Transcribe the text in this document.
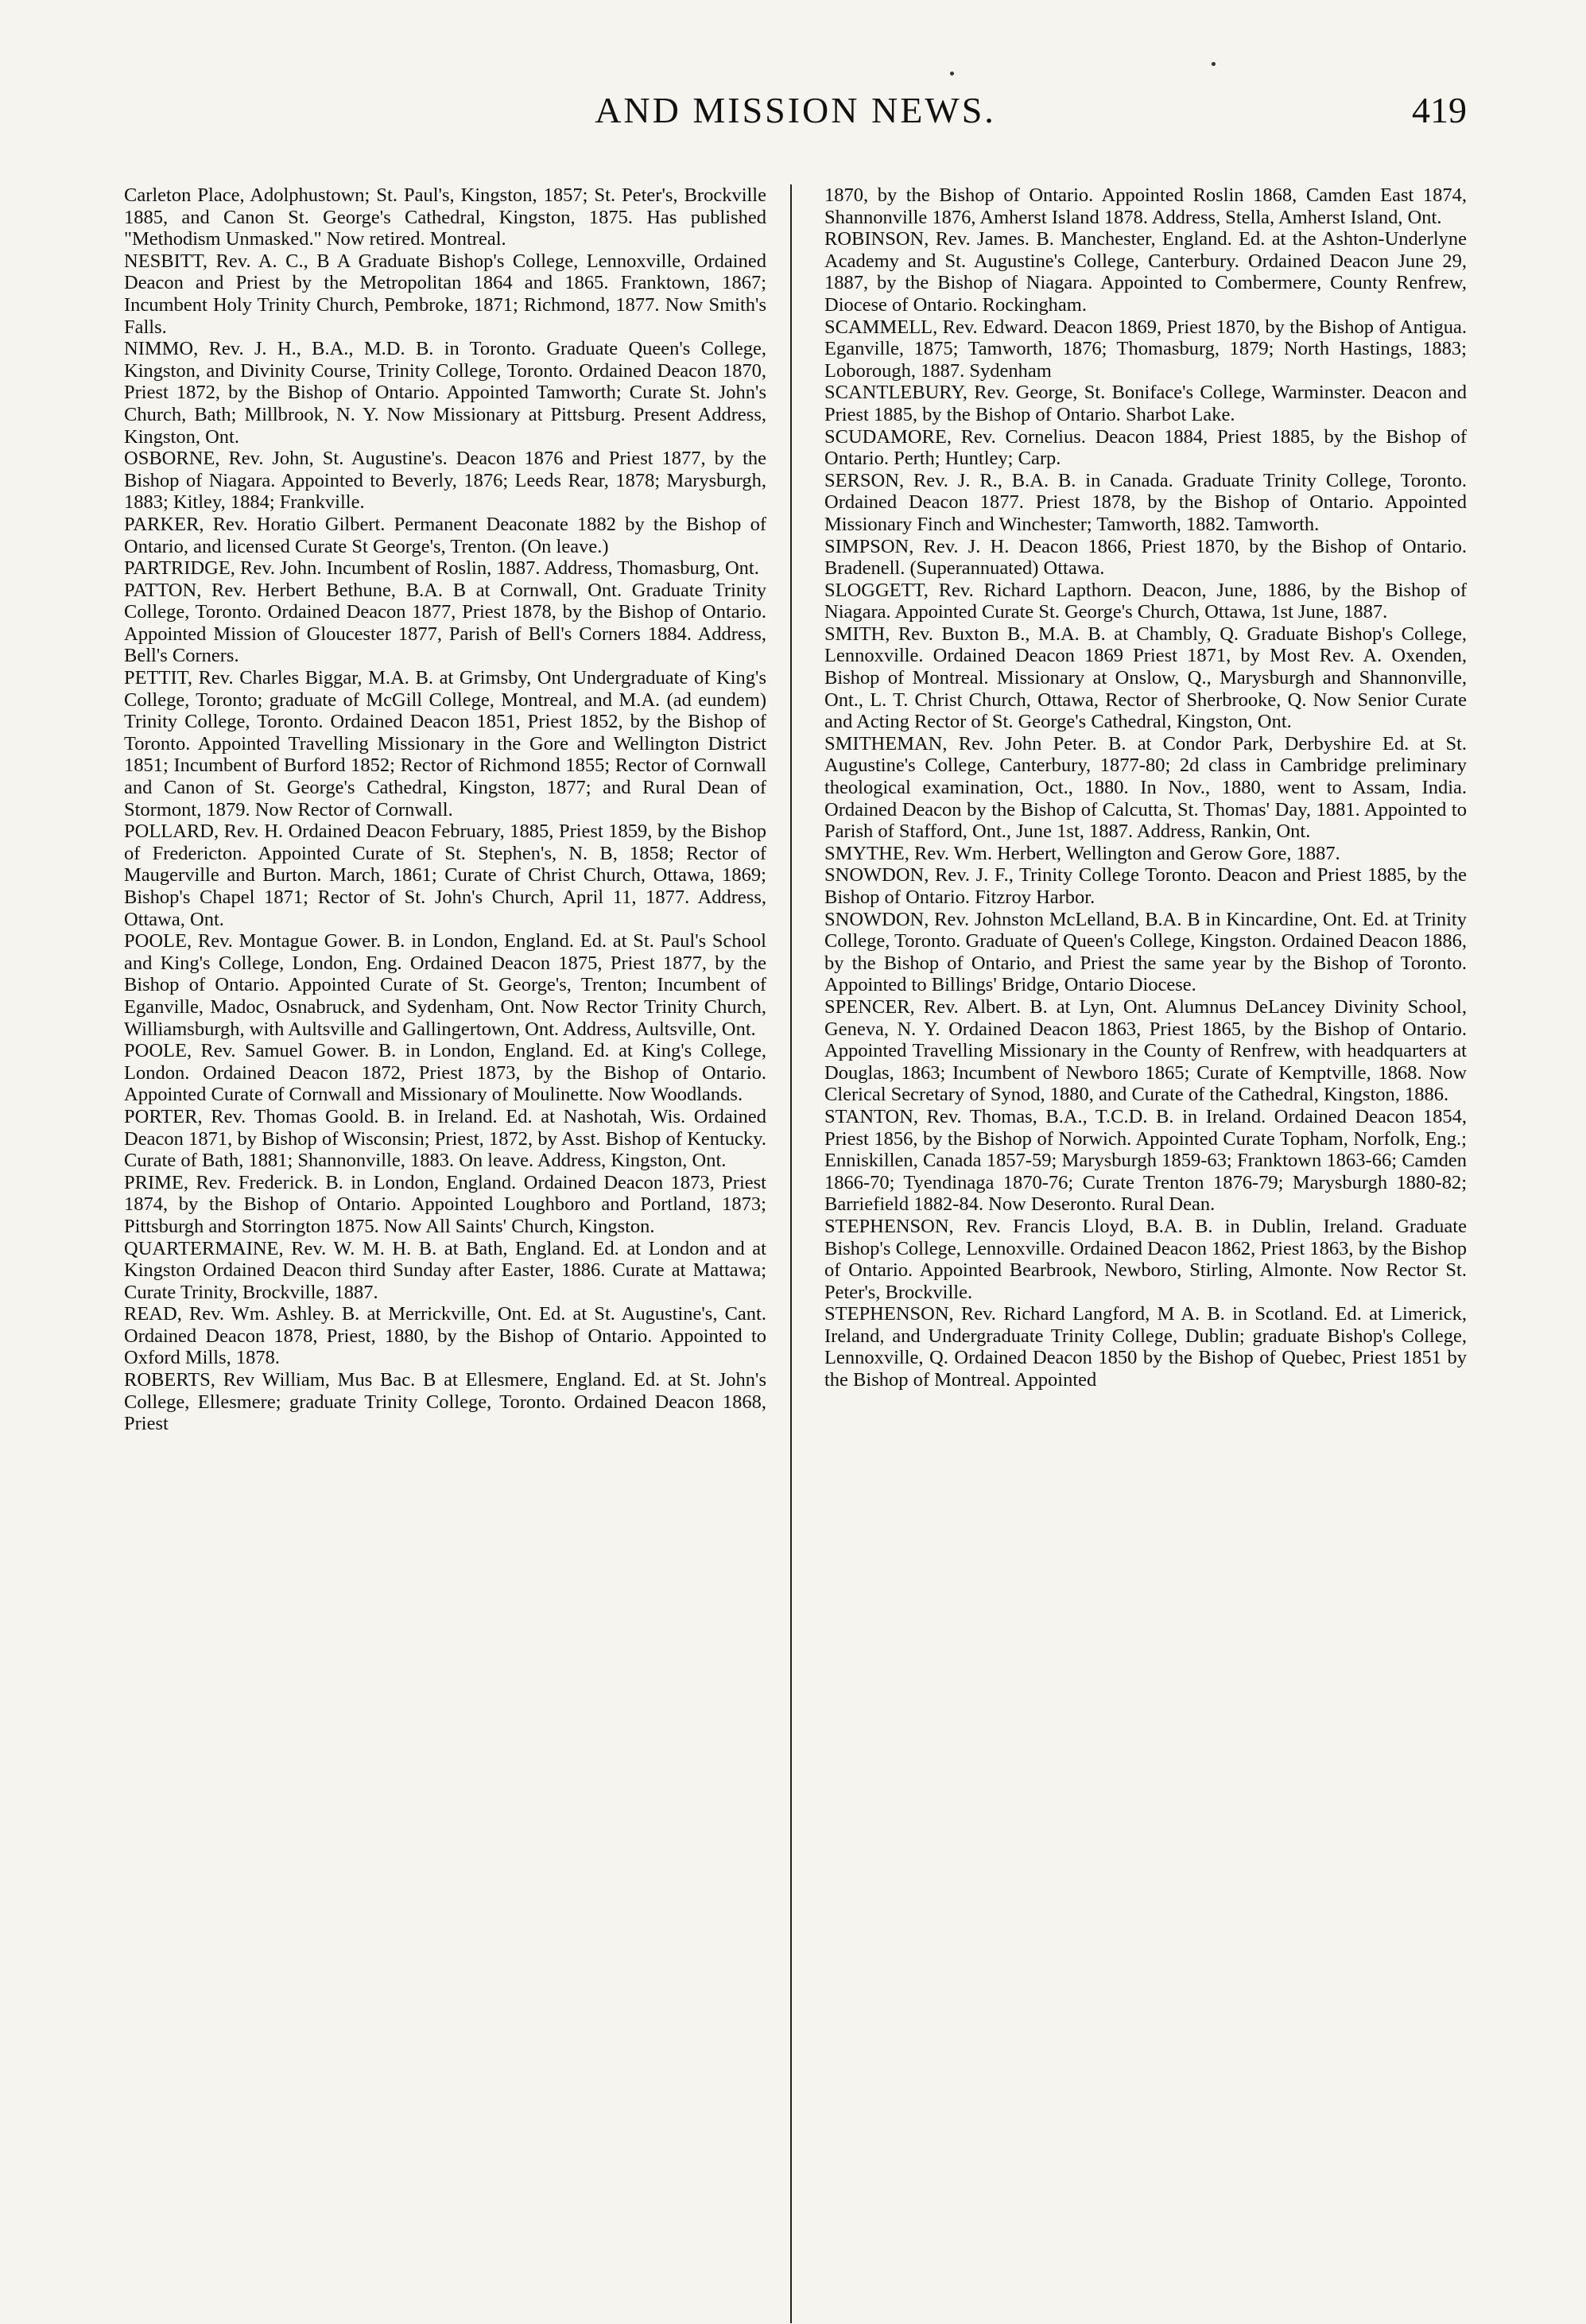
AND MISSION NEWS.	419

Carleton Place, Adolphustown; St. Paul's, Kingston, 1857; St. Peter's, Brockville 1885, and Canon St. George's Cathedral, Kingston, 1875. Has published "Methodism Unmasked." Now retired. Montreal.

NESBITT, Rev. A. C., B A Graduate Bishop's College, Lennoxville, Ordained Deacon and Priest by the Metropolitan 1864 and 1865. Franktown, 1867; Incumbent Holy Trinity Church, Pembroke, 1871; Richmond, 1877. Now Smith's Falls.

NIMMO, Rev. J. H., B.A., M.D. B. in Toronto. Graduate Queen's College, Kingston, and Divinity Course, Trinity College, Toronto. Ordained Deacon 1870, Priest 1872, by the Bishop of Ontario. Appointed Tamworth; Curate St. John's Church, Bath; Millbrook, N. Y. Now Missionary at Pittsburg. Present Address, Kingston, Ont.

OSBORNE, Rev. John, St. Augustine's. Deacon 1876 and Priest 1877, by the Bishop of Niagara. Appointed to Beverly, 1876; Leeds Rear, 1878; Marysburgh, 1883; Kitley, 1884; Frankville.

PARKER, Rev. Horatio Gilbert. Permanent Deaconate 1882 by the Bishop of Ontario, and licensed Curate St George's, Trenton. (On leave.)

PARTRIDGE, Rev. John. Incumbent of Roslin, 1887. Address, Thomasburg, Ont.

PATTON, Rev. Herbert Bethune, B.A. B at Cornwall, Ont. Graduate Trinity College, Toronto. Ordained Deacon 1877, Priest 1878, by the Bishop of Ontario. Appointed Mission of Gloucester 1877, Parish of Bell's Corners 1884. Address, Bell's Corners.

PETTIT, Rev. Charles Biggar, M.A. B. at Grimsby, Ont Undergraduate of King's College, Toronto; graduate of McGill College, Montreal, and M.A. (ad eundem) Trinity College, Toronto. Ordained Deacon 1851, Priest 1852, by the Bishop of Toronto. Appointed Travelling Missionary in the Gore and Wellington District 1851; Incumbent of Burford 1852; Rector of Richmond 1855; Rector of Cornwall and Canon of St. George's Cathedral, Kingston, 1877; and Rural Dean of Stormont, 1879. Now Rector of Cornwall.

POLLARD, Rev. H. Ordained Deacon February, 1885, Priest 1859, by the Bishop of Fredericton. Appointed Curate of St. Stephen's, N. B, 1858; Rector of Maugerville and Burton. March, 1861; Curate of Christ Church, Ottawa, 1869; Bishop's Chapel 1871; Rector of St. John's Church, April 11, 1877. Address, Ottawa, Ont.

POOLE, Rev. Montague Gower. B. in London, England. Ed. at St. Paul's School and King's College, London, Eng. Ordained Deacon 1875, Priest 1877, by the Bishop of Ontario. Appointed Curate of St. George's, Trenton; Incumbent of Eganville, Madoc, Osnabruck, and Sydenham, Ont. Now Rector Trinity Church, Williamsburgh, with Aultsville and Gallingertown, Ont. Address, Aultsville, Ont.

POOLE, Rev. Samuel Gower. B. in London, England. Ed. at King's College, London. Ordained Deacon 1872, Priest 1873, by the Bishop of Ontario. Appointed Curate of Cornwall and Missionary of Moulinette. Now Woodlands.

PORTER, Rev. Thomas Goold. B. in Ireland. Ed. at Nashotah, Wis. Ordained Deacon 1871, by Bishop of Wisconsin; Priest, 1872, by Asst. Bishop of Kentucky. Curate of Bath, 1881; Shannonville, 1883. On leave. Address, Kingston, Ont.

PRIME, Rev. Frederick. B. in London, England. Ordained Deacon 1873, Priest 1874, by the Bishop of Ontario. Appointed Loughboro and Portland, 1873; Pittsburgh and Storrington 1875. Now All Saints' Church, Kingston.

QUARTERMAINE, Rev. W. M. H. B. at Bath, England. Ed. at London and at Kingston Ordained Deacon third Sunday after Easter, 1886. Curate at Mattawa; Curate Trinity, Brockville, 1887.

READ, Rev. Wm. Ashley. B. at Merrickville, Ont. Ed. at St. Augustine's, Cant. Ordained Deacon 1878, Priest, 1880, by the Bishop of Ontario. Appointed to Oxford Mills, 1878.

ROBERTS, Rev William, Mus Bac. B at Ellesmere, England. Ed. at St. John's College, Ellesmere; graduate Trinity College, Toronto. Ordained Deacon 1868, Priest

1870, by the Bishop of Ontario. Appointed Roslin 1868, Camden East 1874, Shannonville 1876, Amherst Island 1878. Address, Stella, Amherst Island, Ont.

ROBINSON, Rev. James. B. Manchester, England. Ed. at the Ashton-Underlyne Academy and St. Augustine's College, Canterbury. Ordained Deacon June 29, 1887, by the Bishop of Niagara. Appointed to Combermere, County Renfrew, Diocese of Ontario. Rockingham.

SCAMMELL, Rev. Edward. Deacon 1869, Priest 1870, by the Bishop of Antigua. Eganville, 1875; Tamworth, 1876; Thomasburg, 1879; North Hastings, 1883; Loborough, 1887. Sydenham

SCANTLEBURY, Rev. George, St. Boniface's College, Warminster. Deacon and Priest 1885, by the Bishop of Ontario. Sharbot Lake.

SCUDAMORE, Rev. Cornelius. Deacon 1884, Priest 1885, by the Bishop of Ontario. Perth; Huntley; Carp.

SERSON, Rev. J. R., B.A. B. in Canada. Graduate Trinity College, Toronto. Ordained Deacon 1877. Priest 1878, by the Bishop of Ontario. Appointed Missionary Finch and Winchester; Tamworth, 1882. Tamworth.

SIMPSON, Rev. J. H. Deacon 1866, Priest 1870, by the Bishop of Ontario. Bradenell. (Superannuated) Ottawa.

SLOGGETT, Rev. Richard Lapthorn. Deacon, June, 1886, by the Bishop of Niagara. Appointed Curate St. George's Church, Ottawa, 1st June, 1887.

SMITH, Rev. Buxton B., M.A. B. at Chambly, Q. Graduate Bishop's College, Lennoxville. Ordained Deacon 1869 Priest 1871, by Most Rev. A. Oxenden, Bishop of Montreal. Missionary at Onslow, Q., Marysburgh and Shannonville, Ont., L. T. Christ Church, Ottawa, Rector of Sherbrooke, Q. Now Senior Curate and Acting Rector of St. George's Cathedral, Kingston, Ont.

SMITHEMAN, Rev. John Peter. B. at Condor Park, Derbyshire Ed. at St. Augustine's College, Canterbury, 1877-80; 2d class in Cambridge preliminary theological examination, Oct., 1880. In Nov., 1880, went to Assam, India. Ordained Deacon by the Bishop of Calcutta, St. Thomas' Day, 1881. Appointed to Parish of Stafford, Ont., June 1st, 1887. Address, Rankin, Ont.

SMYTHE, Rev. Wm. Herbert, Wellington and Gerow Gore, 1887.

SNOWDON, Rev. J. F., Trinity College Toronto. Deacon and Priest 1885, by the Bishop of Ontario. Fitzroy Harbor.

SNOWDON, Rev. Johnston McLelland, B.A. B in Kincardine, Ont. Ed. at Trinity College, Toronto. Graduate of Queen's College, Kingston. Ordained Deacon 1886, by the Bishop of Ontario, and Priest the same year by the Bishop of Toronto. Appointed to Billings' Bridge, Ontario Diocese.

SPENCER, Rev. Albert. B. at Lyn, Ont. Alumnus DeLancey Divinity School, Geneva, N. Y. Ordained Deacon 1863, Priest 1865, by the Bishop of Ontario. Appointed Travelling Missionary in the County of Renfrew, with headquarters at Douglas, 1863; Incumbent of Newboro 1865; Curate of Kemptville, 1868. Now Clerical Secretary of Synod, 1880, and Curate of the Cathedral, Kingston, 1886.

STANTON, Rev. Thomas, B.A., T.C.D. B. in Ireland. Ordained Deacon 1854, Priest 1856, by the Bishop of Norwich. Appointed Curate Topham, Norfolk, Eng.; Enniskillen, Canada 1857-59; Marysburgh 1859-63; Franktown 1863-66; Camden 1866-70; Tyendinaga 1870-76; Curate Trenton 1876-79; Marysburgh 1880-82; Barriefield 1882-84. Now Deseronto. Rural Dean.

STEPHENSON, Rev. Francis Lloyd, B.A. B. in Dublin, Ireland. Graduate Bishop's College, Lennoxville. Ordained Deacon 1862, Priest 1863, by the Bishop of Ontario. Appointed Bearbrook, Newboro, Stirling, Almonte. Now Rector St. Peter's, Brockville.

STEPHENSON, Rev. Richard Langford, M A. B. in Scotland. Ed. at Limerick, Ireland, and Undergraduate Trinity College, Dublin; graduate Bishop's College, Lennoxville, Q. Ordained Deacon 1850 by the Bishop of Quebec, Priest 1851 by the Bishop of Montreal. Appointed
